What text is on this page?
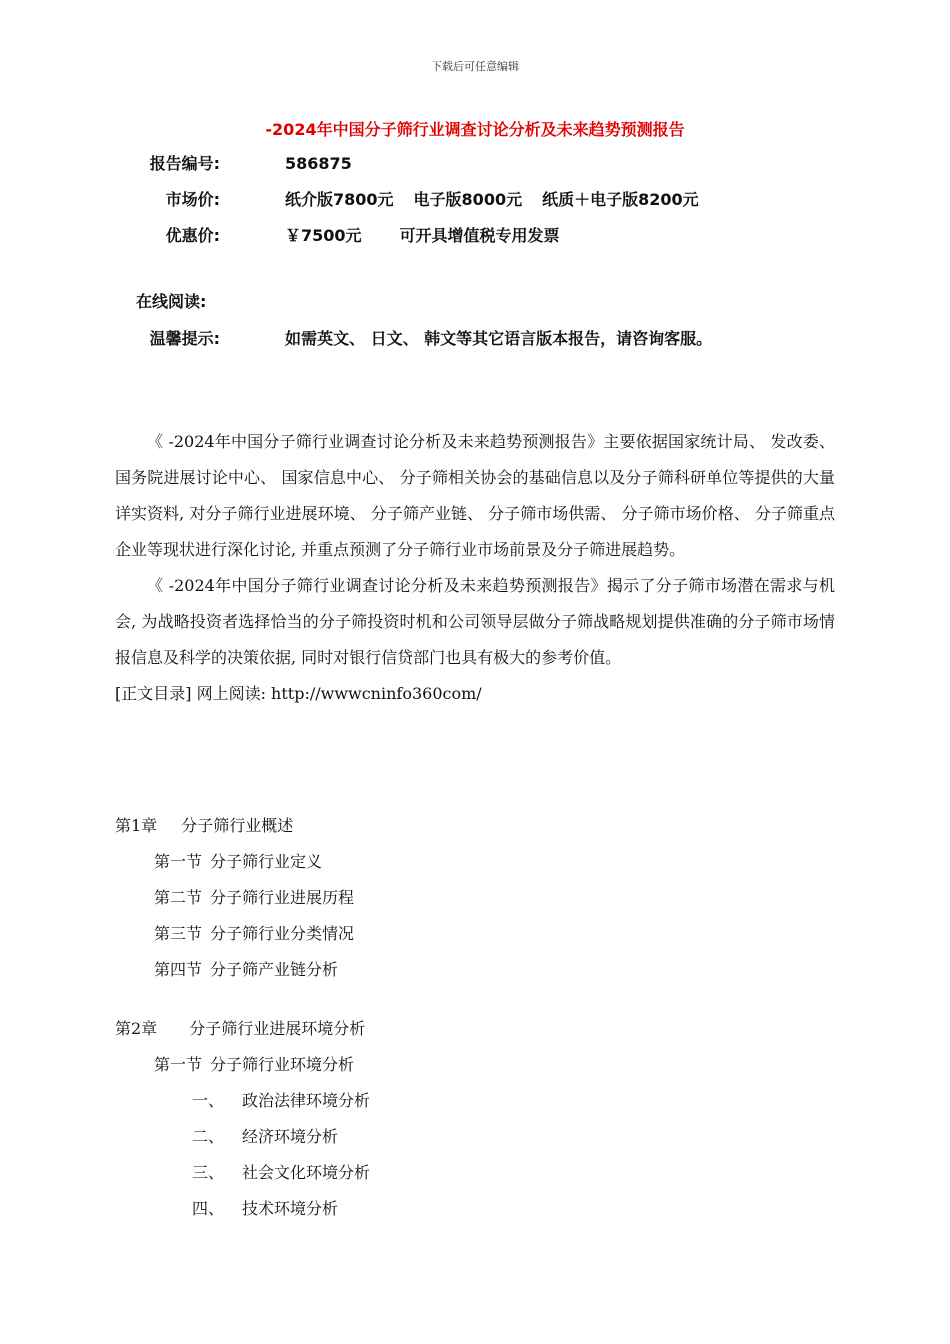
下载后可任意编辑
-2024年中国分子筛行业调查讨论分析及未来趋势预测报告
报告编号:	586875
市场价:	纸介版7800元 电子版8000元 纸质＋电子版8200元
优惠价:	￥7500元 可开具增值税专用发票
在线阅读:
温馨提示:	如需英文、 日文、 韩文等其它语言版本报告，请咨询客服。

《 -2024年中国分子筛行业调查讨论分析及未来趋势预测报告》主要依据国家统计局、 发改委、 国务院进展讨论中心、 国家信息中心、 分子筛相关协会的基础信息以及分子筛科研单位等提供的大量详实资料, 对分子筛行业进展环境、 分子筛产业链、 分子筛市场供需、 分子筛市场价格、 分子筛重点企业等现状进行深化讨论, 并重点预测了分子筛行业市场前景及分子筛进展趋势。

《 -2024年中国分子筛行业调查讨论分析及未来趋势预测报告》揭示了分子筛市场潜在需求与机会, 为战略投资者选择恰当的分子筛投资时机和公司领导层做分子筛战略规划提供准确的分子筛市场情报信息及科学的决策依据, 同时对银行信贷部门也具有极大的参考价值。

[正文目录] 网上阅读: http://wwwcninfo360com/
第1章 分子筛行业概述
第一节 分子筛行业定义
第二节 分子筛行业进展历程
第三节 分子筛行业分类情况
第四节 分子筛产业链分析
第2章 分子筛行业进展环境分析
第一节 分子筛行业环境分析
一、 政治法律环境分析
二、 经济环境分析
三、 社会文化环境分析
四、 技术环境分析
